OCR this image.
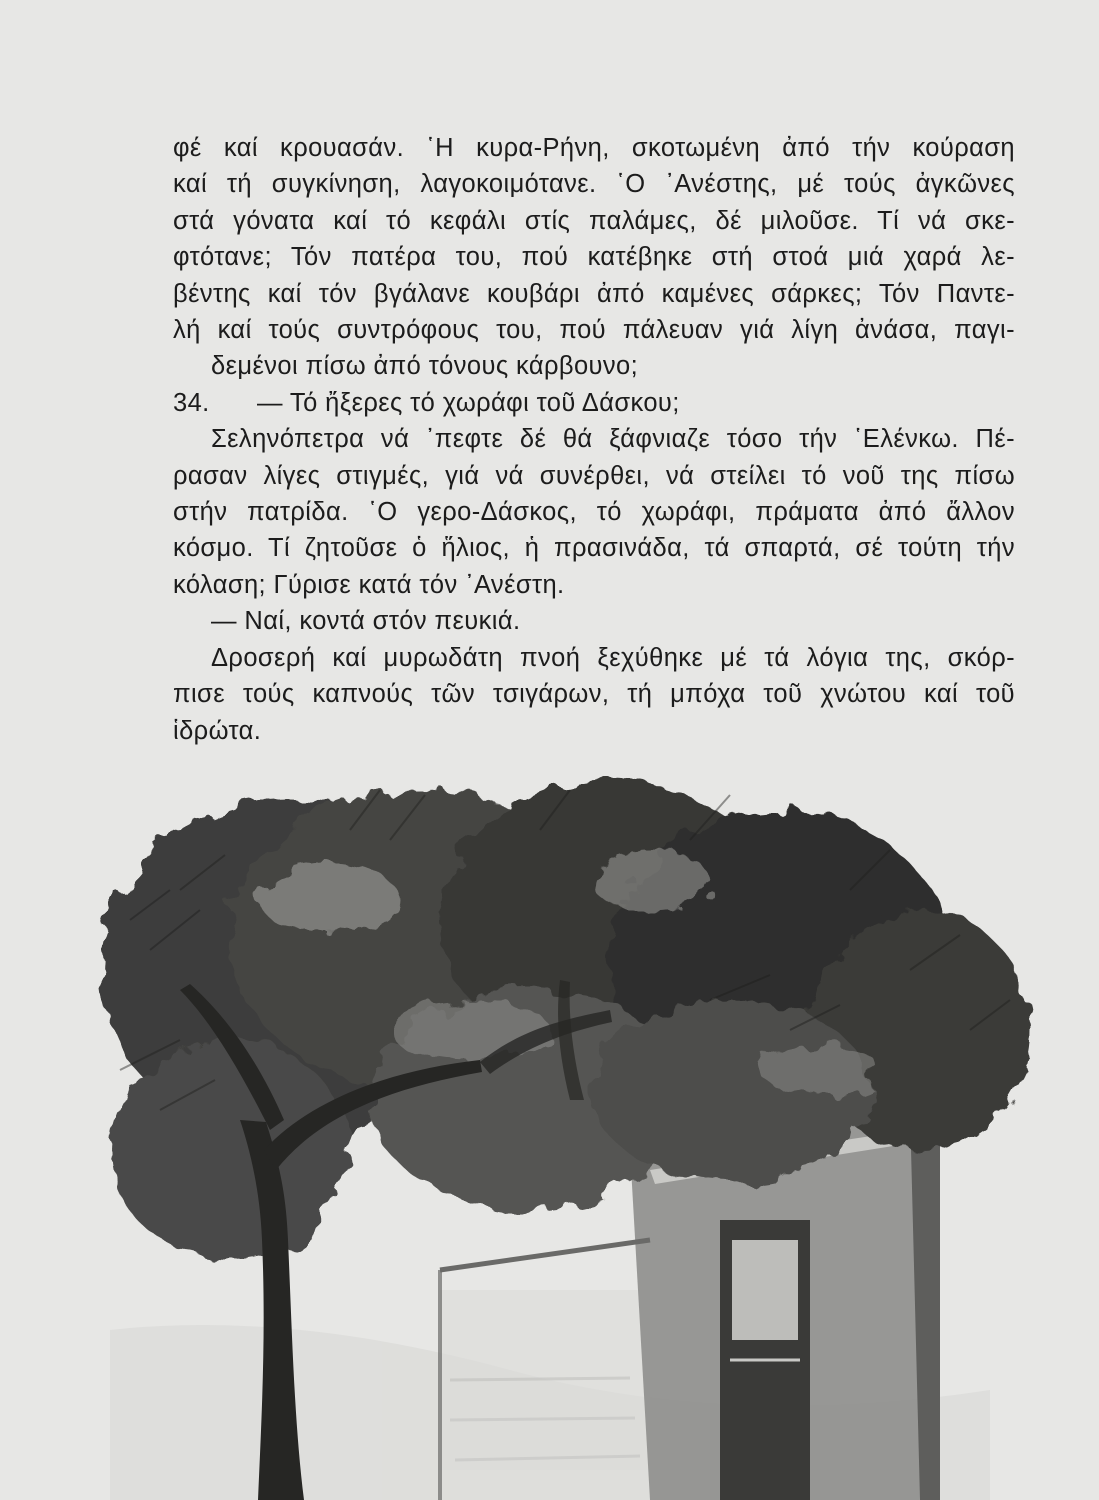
φέ καί κρουασάν. ῾Η κυρα-Ρήνη, σκοτωμένη ἀπό τήν κούραση
καί τή συγκίνηση, λαγοκοιμότανε. ῾Ο ᾿Ανέστης, μέ τούς ἀγκῶνες
στά γόνατα καί τό κεφάλι στίς παλάμες, δέ μιλοῦσε. Τί νά σκε-
φτότανε; Τόν πατέρα του, πού κατέβηκε στή στοά μιά χαρά λε-
βέντης καί τόν βγάλανε κουβάρι ἀπό καμένες σάρκες; Τόν Παντε-
λή καί τούς συντρόφους του, πού πάλευαν γιά λίγη ἀνάσα, παγι-
δεμένοι πίσω ἀπό τόνους κάρβουνο;
34. — Τό ἤξερες τό χωράφι τοῦ Δάσκου;
Σεληνόπετρα νά ᾽πεφτε δέ θά ξάφνιαζε τόσο τήν ῾Ελένκω. Πέ-
ρασαν λίγες στιγμές, γιά νά συνέρθει, νά στείλει τό νοῦ της πίσω
στήν πατρίδα. ῾Ο γερο-Δάσκος, τό χωράφι, πράματα ἀπό ἄλλον
κόσμο. Τί ζητοῦσε ὁ ἥλιος, ἡ πρασινάδα, τά σπαρτά, σέ τούτη τήν
κόλαση; Γύρισε κατά τόν ᾿Ανέστη.
— Ναί, κοντά στόν πευκιά.
Δροσερή καί μυρωδάτη πνοή ξεχύθηκε μέ τά λόγια της, σκόρ-
πισε τούς καπνούς τῶν τσιγάρων, τή μπόχα τοῦ χνώτου καί τοῦ
ἱδρώτα.
